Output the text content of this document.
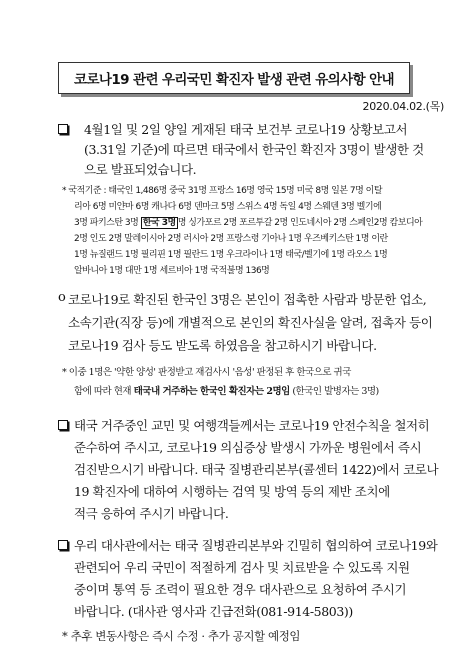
코로나19 관련 우리국민 확진자 발생 관련 유의사항 안내
2020.04.02.(목)
4월1일 및 2일 양일 게재된 태국 보건부 코로나19 상황보고서
(3.31일 기준)에 따르면 태국에서 한국인 확진자 3명이 발생한 것
으로 발표되었습니다.
* 국적기준 : 태국인 1,486명 중국 31명 프랑스 16명 영국 15명 미국 8명 일본 7명 이탈
리아 6명 미얀마 6명 캐나다 6명 덴마크 5명 스위스 4명 독일 4명 스웨덴 3명 벨기에
3명 파키스탄 3명 한국 3명 명 싱가포르 2명 포르투갈 2명 인도네시아 2명 스페인2명 캄보디아
2명 인도 2명 말레이시아 2명 러시아 2명 프랑스령 기아나 1명 우즈베키스탄 1명 이란
1명 뉴질랜드 1명 필리핀 1명 필란드 1명 우크라이나 1명 태국/벨기에 1명 라오스 1명
알바니아 1명 대만 1명 세르비아 1명 국적불명 136명
o 코로나19로 확진된 한국인 3명은 본인이 접촉한 사람과 방문한 업소,
소속기관(직장 등)에 개별적으로 본인의 확진사실을 알려, 접촉자 등이
코로나19 검사 등도 받도록 하였음을 참고하시기 바랍니다.
* 이중 1명은 '약한 양성' 판정받고 재검사시 '음성' 판정된 후 한국으로 귀국
함에 따라 현재 태국내 거주하는 한국인 확진자는 2명임 (한국인 발병자는 3명)
태국 거주중인 교민 및 여행객들께서는 코로나19 안전수칙을 철저히
준수하여 주시고, 코로나19 의심증상 발생시 가까운 병원에서 즉시
검진받으시기 바랍니다. 태국 질병관리본부(콜센터 1422)에서 코로나
19 확진자에 대하여 시행하는 검역 및 방역 등의 제반 조치에
적극 응하여 주시기 바랍니다.
우리 대사관에서는 태국 질병관리본부와 긴밀히 협의하여 코로나19와
관련되어 우리 국민이 적절하게 검사 및 치료받을 수 있도록 지원
중이며 통역 등 조력이 필요한 경우 대사관으로 요청하여 주시기
바랍니다. (대사관 영사과 긴급전화(081-914-5803))
* 추후 변동사항은 즉시 수정 · 추가 공지할 예정임
